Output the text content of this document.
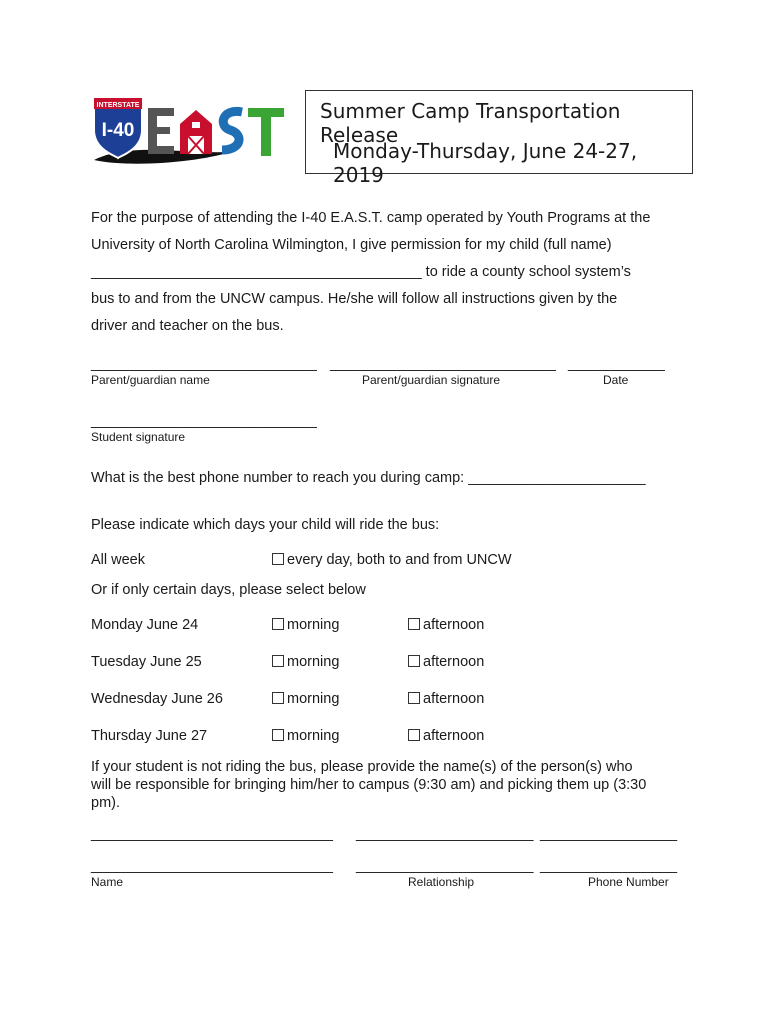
INTERSTATE
I-40
Summer Camp Transportation Release
Monday-Thursday, June 24-27, 2019
For the purpose of attending the I-40 E.A.S.T. camp operated by Youth Programs at the
University of North Carolina Wilmington, I give permission for my child (full name)
_________________________________________ to ride a county school system’s
bus to and from the UNCW campus. He/she will follow all instructions given by the
driver and teacher on the bus.
____________________________ ____________________________ ____________
Parent/guardian name	Parent/guardian signature	Date
____________________________
Student signature
What is the best phone number to reach you during camp: ______________________
Please indicate which days your child will ride the bus:
All week	every day, both to and from UNCW
Or if only certain days, please select below
Monday June 24	morning	afternoon
Tuesday June 25	morning	afternoon
Wednesday June 26	morning	afternoon
Thursday June 27	morning	afternoon
If your student is not riding the bus, please provide the name(s) of the person(s) who
will be responsible for bringing him/her to campus (9:30 am) and picking them up (3:30
pm).
______________________________ ______________________ _________________
______________________________ ______________________ _________________
Name	Relationship	Phone Number
